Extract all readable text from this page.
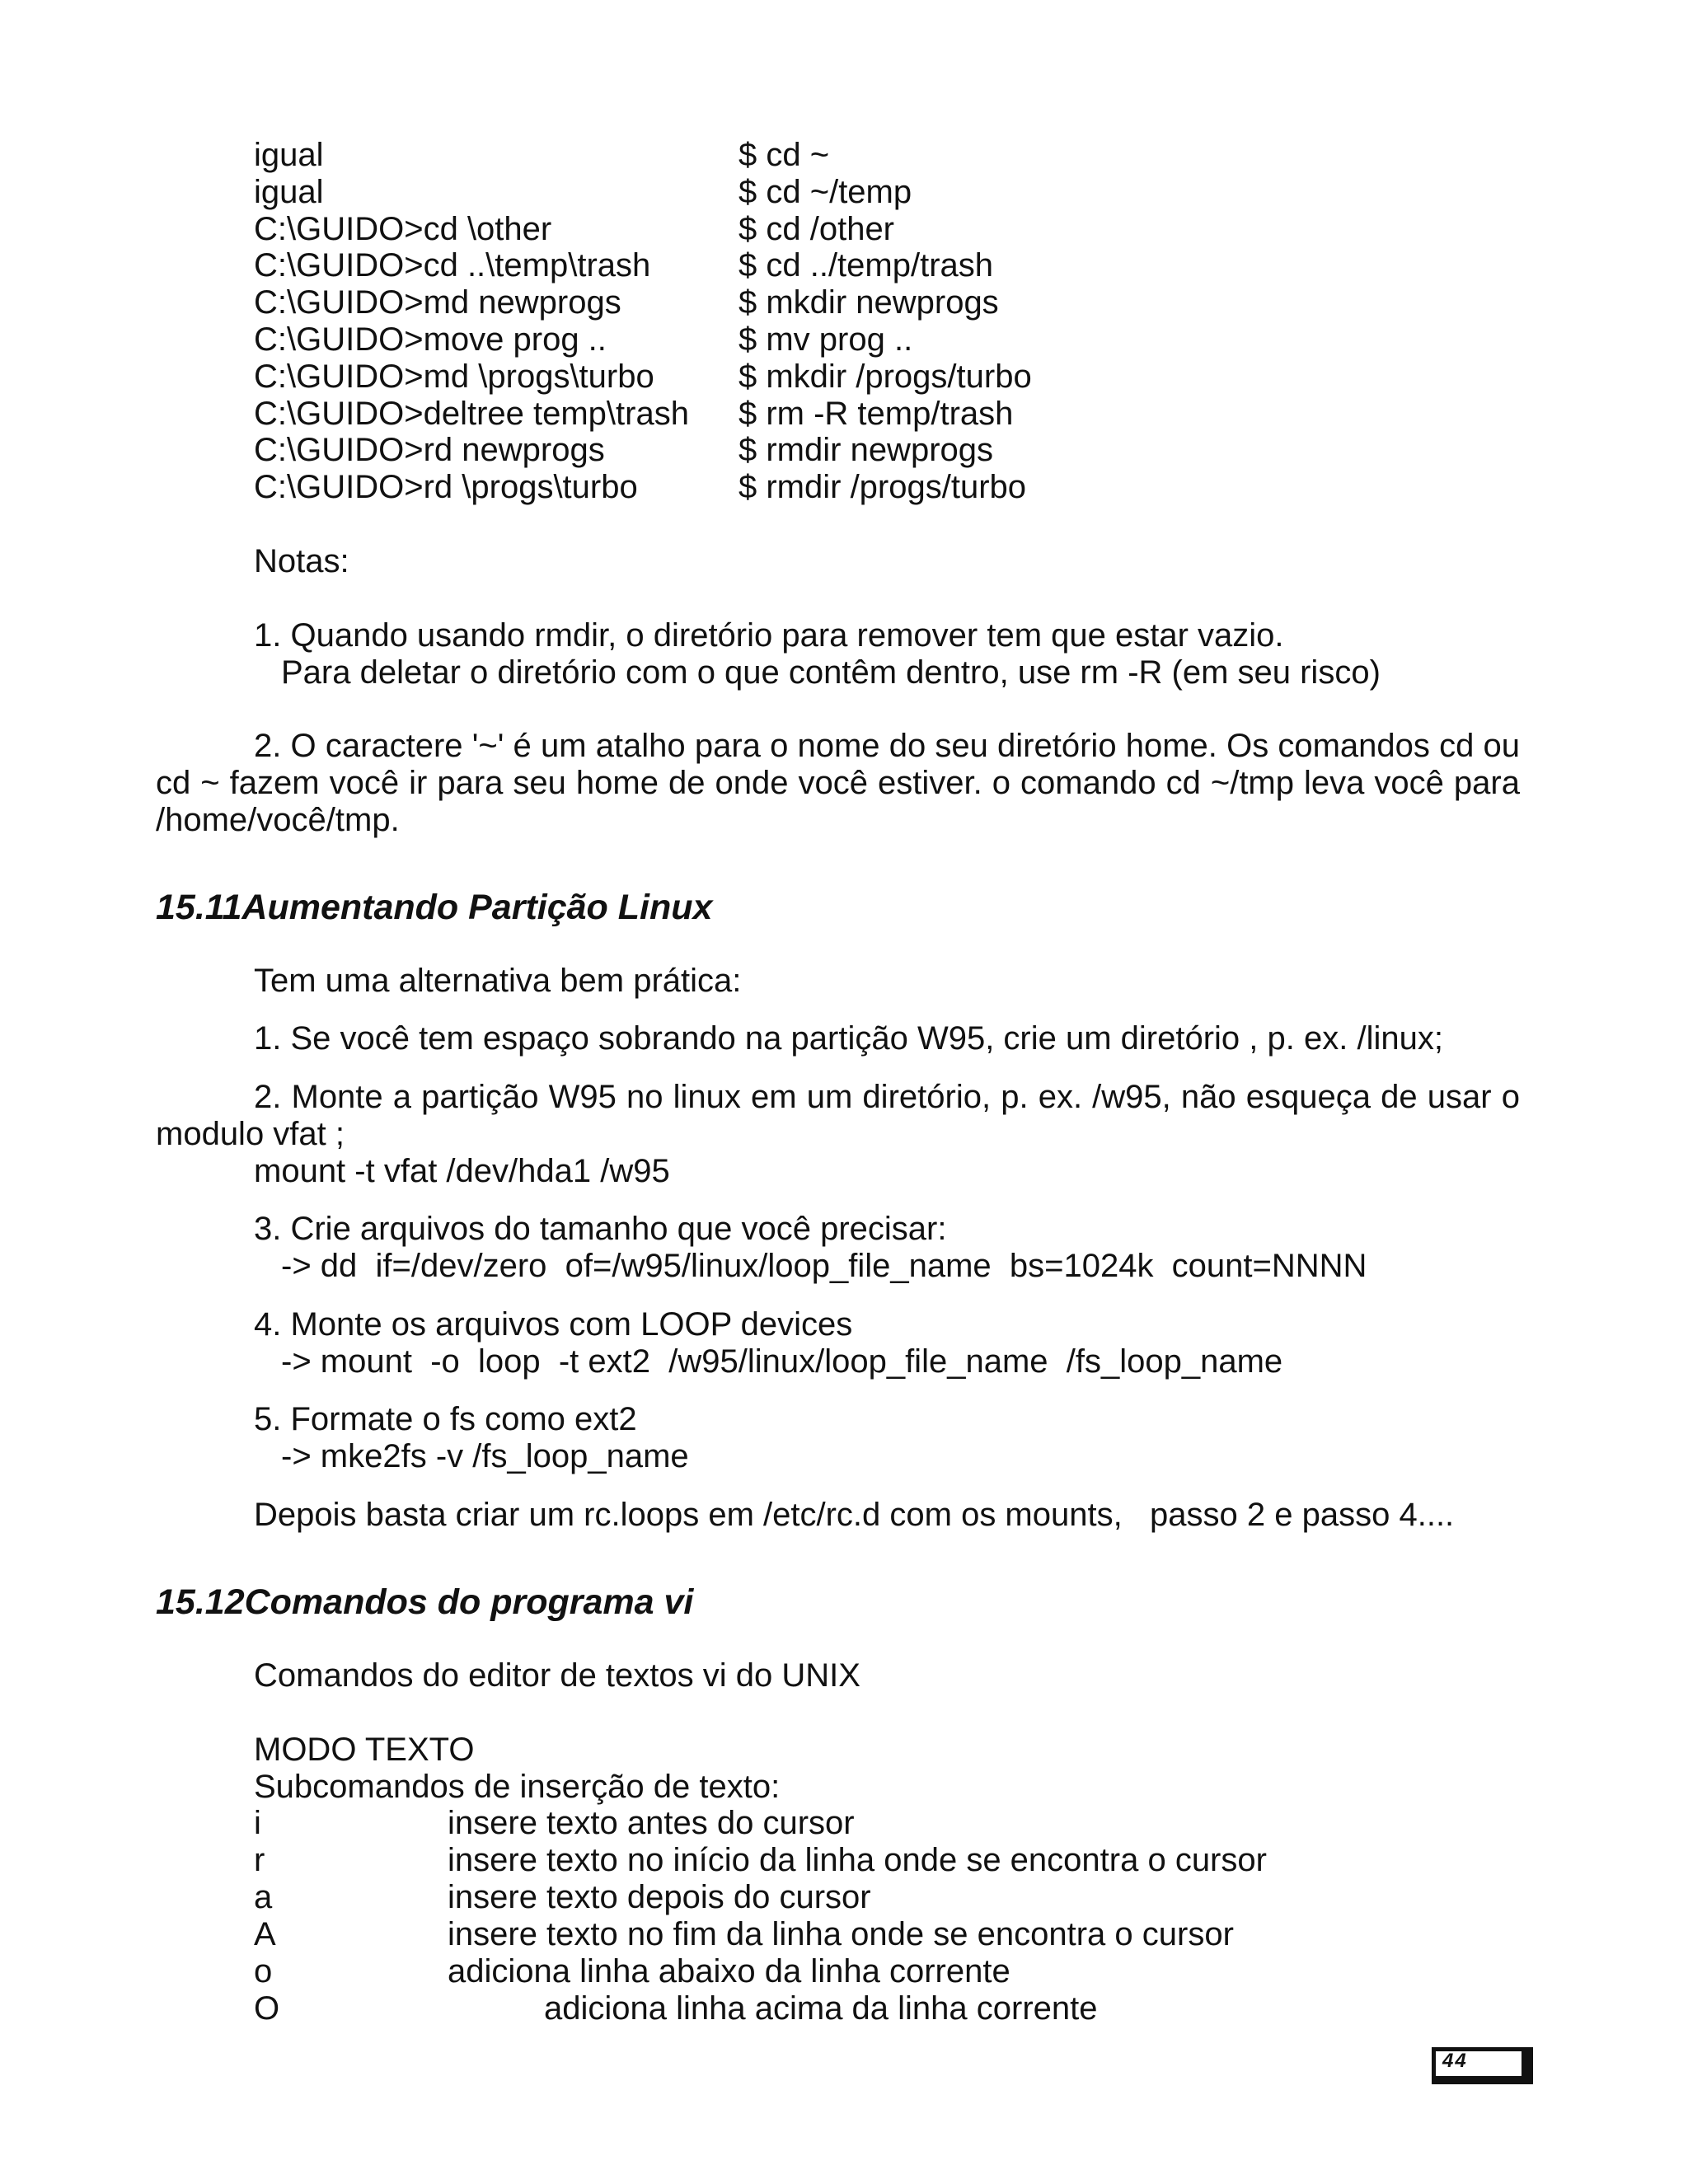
igual	$ cd ~
igual	$ cd ~/temp
C:\GUIDO>cd \other	$ cd /other
C:\GUIDO>cd ..\temp\trash	$ cd ../temp/trash
C:\GUIDO>md newprogs	$ mkdir newprogs
C:\GUIDO>move prog ..	$ mv prog ..
C:\GUIDO>md \progs\turbo	$ mkdir /progs/turbo
C:\GUIDO>deltree temp\trash $ rm -R temp/trash
C:\GUIDO>rd newprogs	$ rmdir newprogs
C:\GUIDO>rd \progs\turbo	$ rmdir /progs/turbo
Notas:
1. Quando usando rmdir, o diretório para remover tem que estar vazio.
Para deletar o diretório com o que contêm dentro, use rm -R (em seu risco)
2. O caractere '~' é um atalho para o nome do seu diretório home. Os comandos cd ou cd ~ fazem você ir para seu home de onde você estiver. o comando cd ~/tmp leva você para /home/você/tmp.
15.11Aumentando Partição Linux
Tem uma alternativa bem prática:
1. Se você tem espaço sobrando na partição W95, crie um diretório , p. ex. /linux;
2. Monte a partição W95 no linux em um diretório, p. ex. /w95, não esqueça de usar o modulo vfat ;
mount -t vfat /dev/hda1 /w95
3. Crie arquivos do tamanho que você precisar:
-> dd  if=/dev/zero  of=/w95/linux/loop_file_name  bs=1024k  count=NNNN
4. Monte os arquivos com LOOP devices
-> mount  -o  loop  -t ext2  /w95/linux/loop_file_name  /fs_loop_name
5. Formate o fs como ext2
-> mke2fs -v /fs_loop_name
Depois basta criar um rc.loops em /etc/rc.d com os mounts,   passo 2 e passo 4....
15.12Comandos do programa vi
Comandos do editor de textos vi do UNIX
MODO TEXTO
Subcomandos de inserção de texto:
i	insere texto antes do cursor
r	insere texto no início da linha onde se encontra o cursor
a	insere texto depois do cursor
A	insere texto no fim da linha onde se encontra o cursor
o	adiciona linha abaixo da linha corrente
O	adiciona linha acima da linha corrente
44
